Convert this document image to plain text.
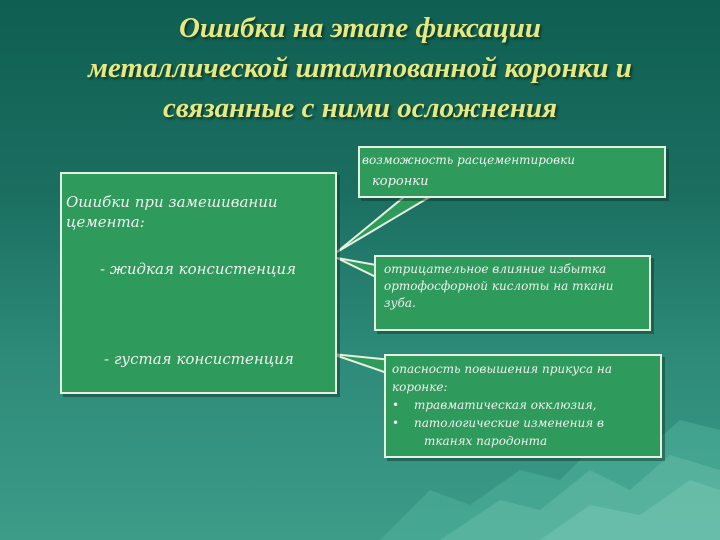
Ошибки на этапе фиксации
металлической штампованной коронки и
связанные с ними осложнения
Ошибки при замешивании цемента:
- жидкая консистенция
- густая консистенция
возможность расцементировки
коронки
отрицательное влияние избытка ортофосфорной кислоты на ткани зуба.
опасность повышения прикуса на коронке:
• травматическая окклюзия,
• патологические изменения в
тканях пародонта
